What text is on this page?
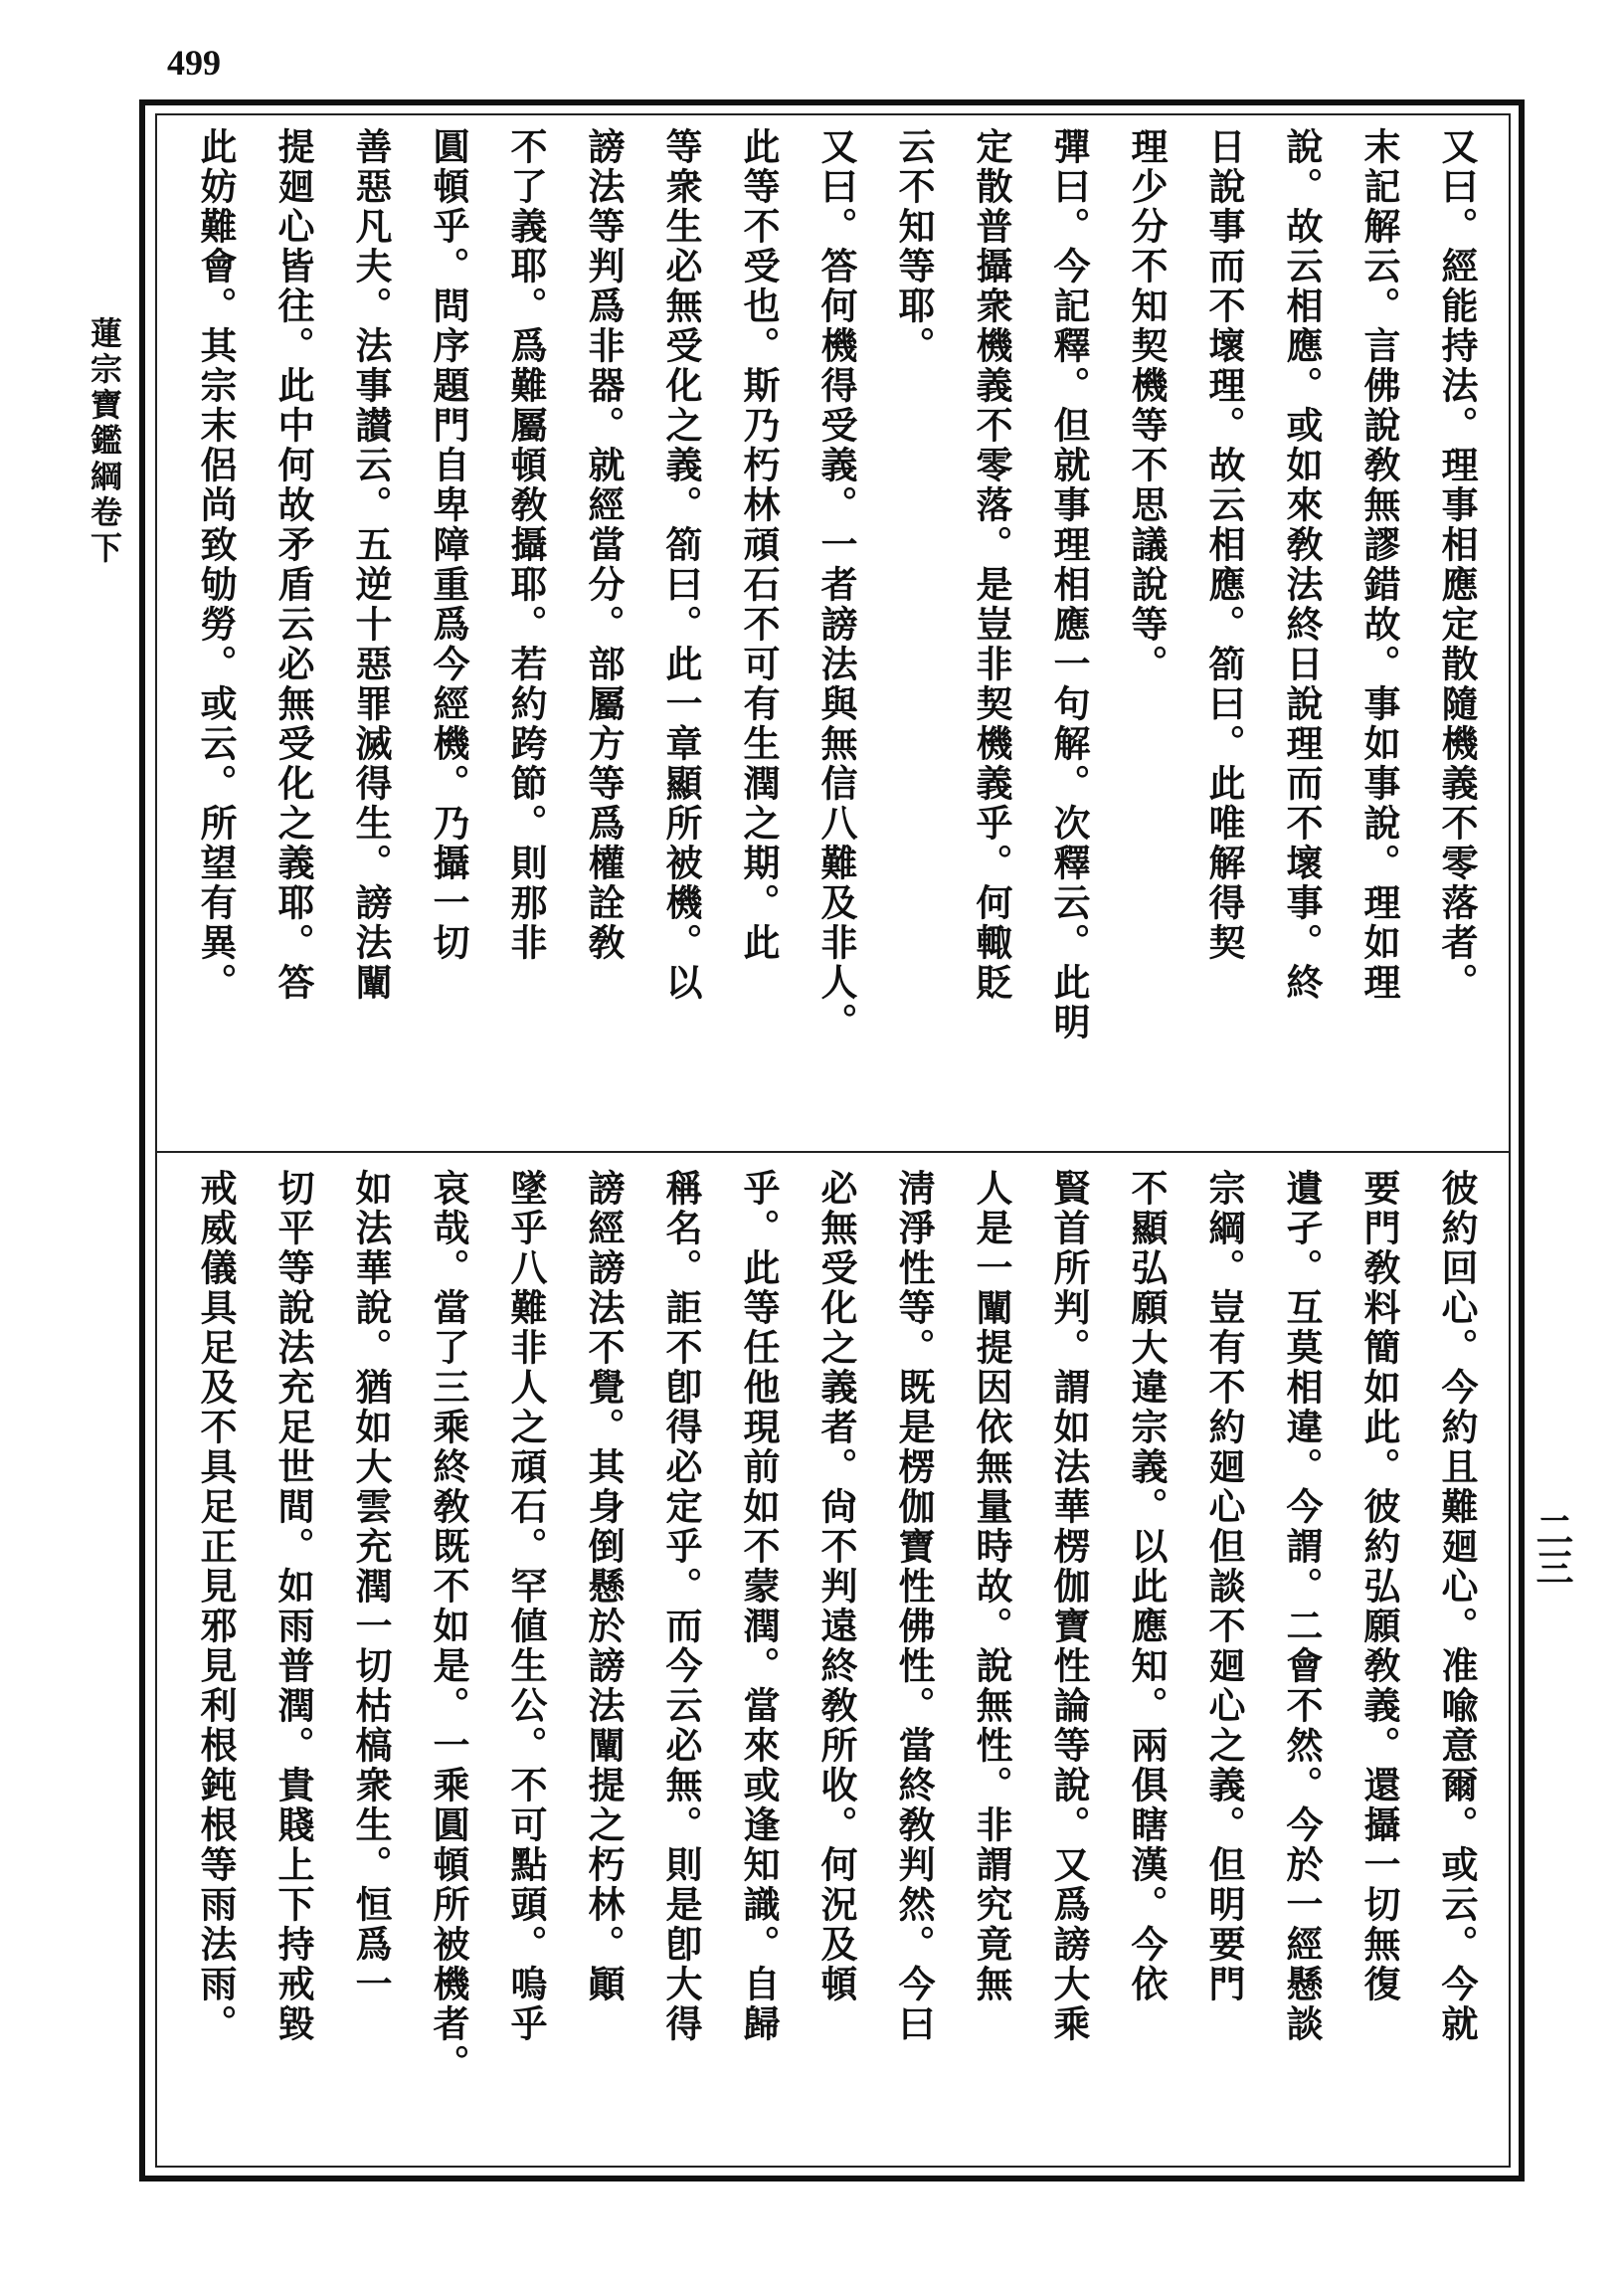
499
蓮宗寶鑑綱卷下
二三
又曰。經能持法。理事相應定散隨機義不零落者。
末記解云。言佛說敎無謬錯故。事如事說。理如理
說。故云相應。或如來敎法終日說理而不壞事。終
日說事而不壞理。故云相應。箚曰。此唯解得契
理少分不知契機等不思議說等。
彈曰。今記釋。但就事理相應一句解。次釋云。此明
定散普攝衆機義不零落。是豈非契機義乎。何輙貶
云不知等耶。
又曰。答何機得受義。一者謗法與無信八難及非人。
此等不受也。斯乃朽林頑石不可有生潤之期。此
等衆生必無受化之義。箚曰。此一章顯所被機。以
謗法等判爲非器。就經當分。部屬方等爲權詮敎
不了義耶。爲難屬頓敎攝耶。若約跨節。則那非
圓頓乎。問序題門自卑障重爲今經機。乃攝一切
善惡凡夫。法事讃云。五逆十惡罪滅得生。謗法闡
提廻心皆往。此中何故矛盾云必無受化之義耶。答
此妨難會。其宗末侶尚致劬勞。或云。所望有異。
彼約回心。今約且難廻心。准喩意爾。或云。今就
要門敎料簡如此。彼約弘願敎義。還攝一切無復
遺孑。互莫相違。今謂。二會不然。今於一經懸談
宗綱。豈有不約廻心但談不廻心之義。但明要門
不顯弘願大違宗義。以此應知。兩俱瞎漢。今依
賢首所判。謂如法華楞伽寶性論等說。又爲謗大乘
人是一闡提因依無量時故。說無性。非謂究竟無
淸淨性等。既是楞伽寶性佛性。當終敎判然。今曰
必無受化之義者。尙不判遠終敎所收。何況及頓
乎。此等任他現前如不蒙潤。當來或逢知識。自歸
稱名。詎不卽得必定乎。而今云必無。則是卽大得
謗經謗法不覺。其身倒懸於謗法闡提之朽林。顚
墜乎八難非人之頑石。罕値生公。不可點頭。嗚乎
哀哉。當了三乘終敎既不如是。一乘圓頓所被機者。
如法華說。猶如大雲充潤一切枯槁衆生。恒爲一
切平等說法充足世間。如雨普潤。貴賤上下持戒毀
戒威儀具足及不具足正見邪見利根鈍根等雨法雨。
